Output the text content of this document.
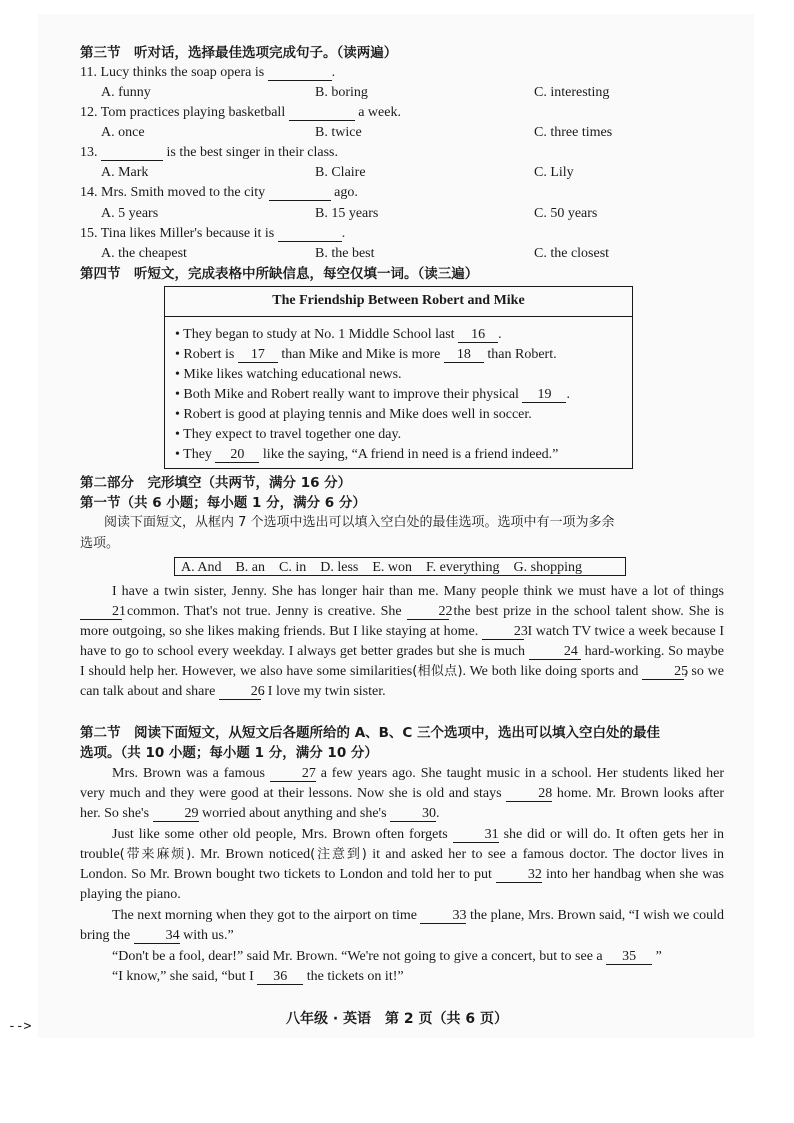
第三节　听对话，选择最佳选项完成句子。（读两遍）
11. Lucy thinks the soap opera is	.
A. funny	B. boring	C. interesting
12. Tom practices playing basketball	a week.
A. once	B. twice	C. three times
13.	is the best singer in their class.
A. Mark	B. Claire	C. Lily
14. Mrs. Smith moved to the city	ago.
A. 5 years	B. 15 years	C. 50 years
15. Tina likes Miller's because it is	.
A. the cheapest	B. the best	C. the closest
第四节　听短文，完成表格中所缺信息，每空仅填一词。（读三遍）
The Friendship Between Robert and Mike
• They began to study at No. 1 Middle School last 16 .
• Robert is 17 than Mike and Mike is more 18 than Robert.
• Mike likes watching educational news.
• Both Mike and Robert really want to improve their physical 19 .
• Robert is good at playing tennis and Mike does well in soccer.
• They expect to travel together one day.
• They 20 like the saying, “A friend in need is a friend indeed.”
第二部分　完形填空（共两节，满分 16 分）
第一节（共 6 小题；每小题 1 分，满分 6 分）
阅读下面短文，从框内 7 个选项中选出可以填入空白处的最佳选项。选项中有一项为多余
选项。
A. And　B. an　C. in　D. less　E. won　F. everything　G. shopping
I have a twin sister, Jenny. She has longer hair than me. Many people think we must have a lot of things 21 common. That's not true. Jenny is creative. She	22 the best prize in the school talent show. She is more outgoing, so she likes making friends. But I like staying at home.	23 I watch TV twice a week because I have to go to school every weekday. I always get better grades but she is much	24 hard-working. So maybe I should help her. However, we also have some similarities(相似点). We both like doing sports and	25, so we can talk about and share	26. I love my twin sister.
第二节　阅读下面短文，从短文后各题所给的 A、B、C 三个选项中，选出可以填入空白处的最佳
选项。（共 10 小题；每小题 1 分，满分 10 分）
Mrs. Brown was a famous	27 a few years ago. She taught music in a school. Her students liked her very much and they were good at their lessons. Now she is old and stays	28 home. Mr. Brown looks after her. So she's	29 worried about anything and she's	30.
Just like some other old people, Mrs. Brown often forgets	31 she did or will do. It often gets her in trouble(带来麻烦). Mr. Brown noticed(注意到) it and asked her to see a famous doctor. The doctor lives in London. So Mr. Brown bought two tickets to London and told her to put	32 into her handbag when she was playing the piano.
The next morning when they got to the airport on time	33 the plane, Mrs. Brown said, “I wish we could bring the	34 with us.”
“Don't be a fool, dear!” said Mr. Brown. “We're not going to give a concert, but to see a 35 ”
“I know,” she said, “but I 36 the tickets on it!”
八年级 · 英语　第 2 页（共 6 页）
-->
